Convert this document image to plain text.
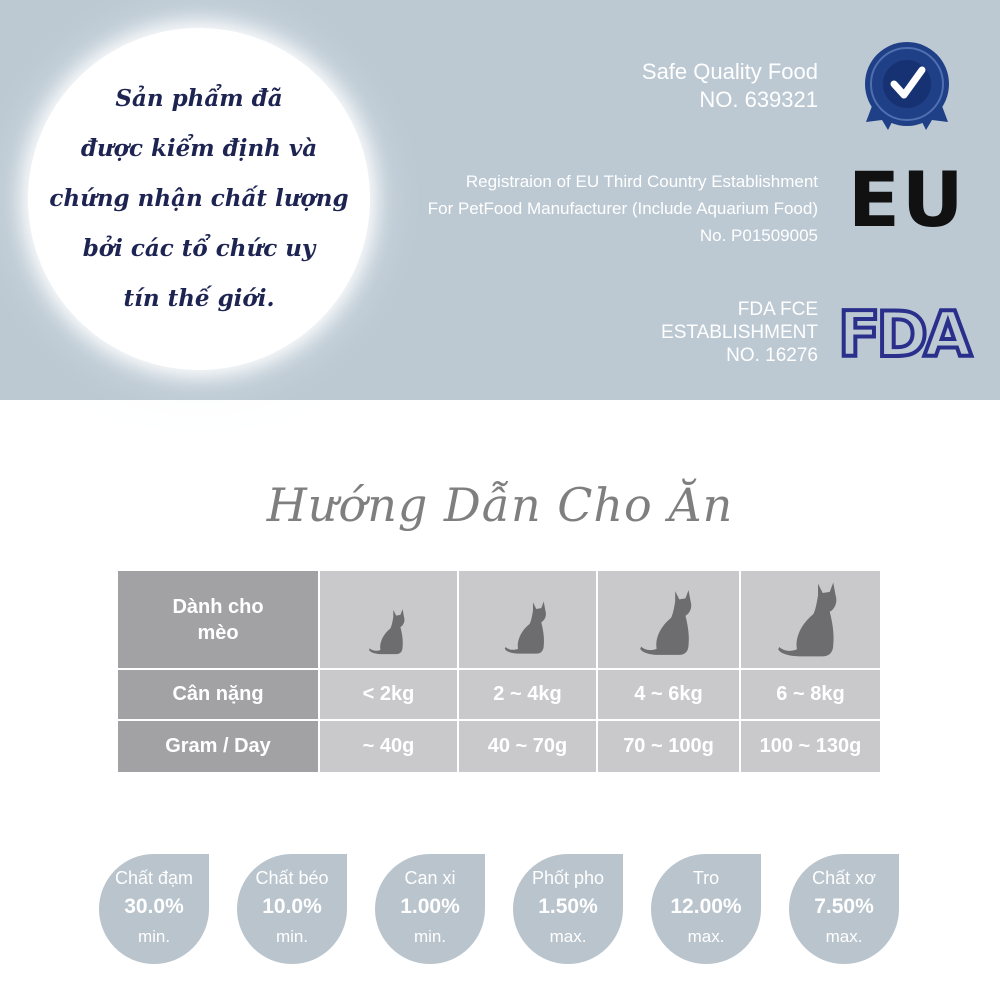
Sản phẩm đã
được kiểm định và
chứng nhận chất lượng
bởi các tổ chức uy
tín thế giới.
Safe Quality Food
NO. 639321
Registraion of EU Third Country Establishment
For PetFood Manufacturer (Include Aquarium Food)
No. P01509005 EU
FDA FCE
ESTABLISHMENT
NO. 16276 FDA
Hướng Dẫn Cho Ăn
Dành cho mèo
Cân nặng	< 2kg	2 ~ 4kg	4 ~ 6kg	6 ~ 8kg
Gram / Day	~ 40g	40 ~ 70g	70 ~ 100g	100 ~ 130g
Chất đạm
30.0%
min.
Chất béo
10.0%
min.
Can xi
1.00%
min.
Phốt pho
1.50%
max.
Tro
12.00%
max.
Chất xơ
7.50%
max.
